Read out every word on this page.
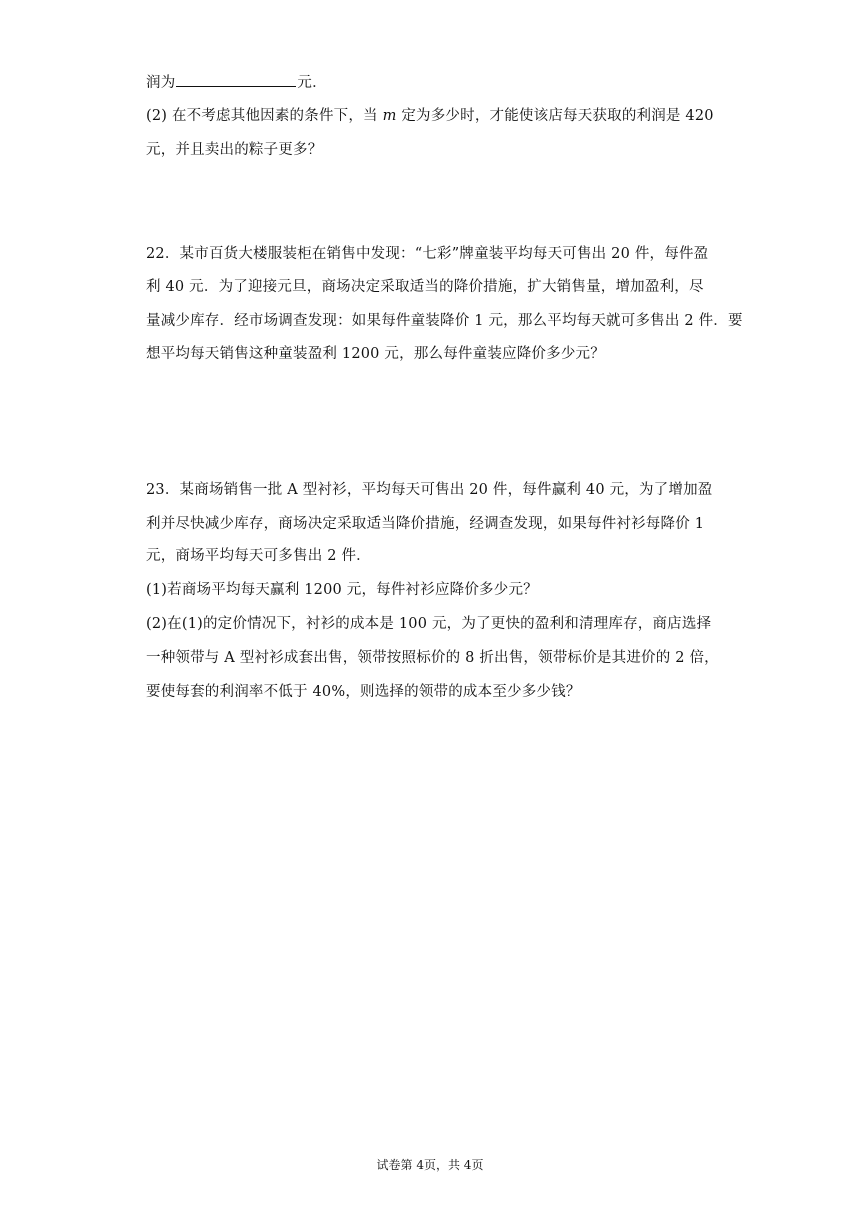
润为	元．
(2) 在不考虑其他因素的条件下，当 m 定为多少时，才能使该店每天获取的利润是 420
元，并且卖出的粽子更多？
22．某市百货大楼服装柜在销售中发现：“七彩”牌童装平均每天可售出 20 件，每件盈
利 40 元．为了迎接元旦，商场决定采取适当的降价措施，扩大销售量，增加盈利，尽
量减少库存．经市场调查发现：如果每件童装降价 1 元，那么平均每天就可多售出 2 件．要
想平均每天销售这种童装盈利 1200 元，那么每件童装应降价多少元？
23．某商场销售一批 A 型衬衫，平均每天可售出 20 件，每件赢利 40 元，为了增加盈
利并尽快减少库存，商场决定采取适当降价措施，经调查发现，如果每件衬衫每降价 1
元，商场平均每天可多售出 2 件．
(1)若商场平均每天赢利 1200 元，每件衬衫应降价多少元？
(2)在(1)的定价情况下，衬衫的成本是 100 元，为了更快的盈利和清理库存，商店选择
一种领带与 A 型衬衫成套出售，领带按照标价的 8 折出售，领带标价是其进价的 2 倍，
要使每套的利润率不低于 40%，则选择的领带的成本至少多少钱？
试卷第 4页，共 4页
